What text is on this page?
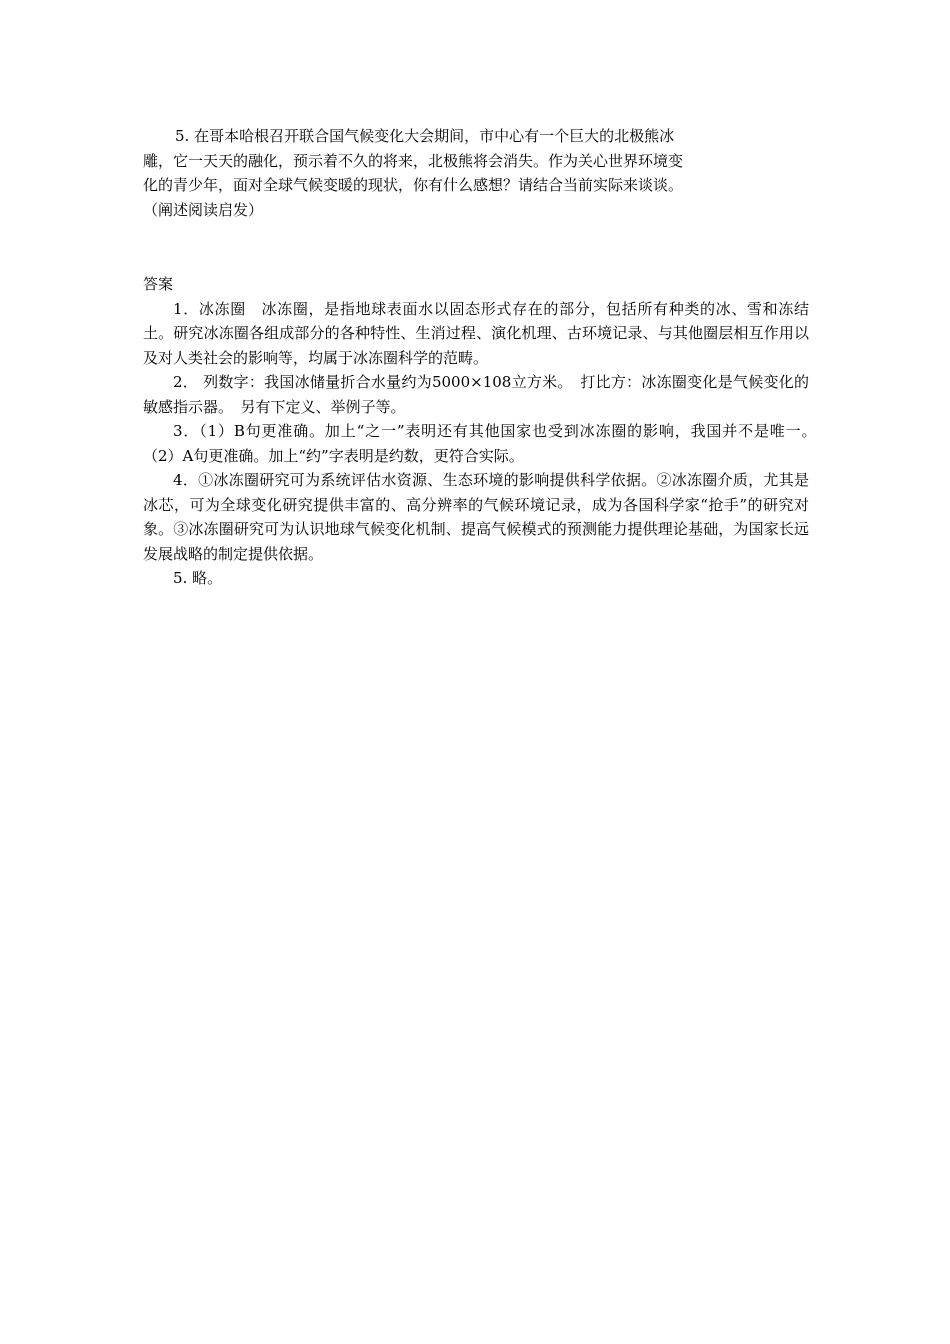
5. 在哥本哈根召开联合国气候变化大会期间，市中心有一个巨大的北极熊冰

雕，它一天天的融化，预示着不久的将来，北极熊将会消失。作为关心世界环境变

化的青少年，面对全球气候变暖的现状，你有什么感想？请结合当前实际来谈谈。

（阐述阅读启发）

答案

1．冰冻圈　冰冻圈，是指地球表面水以固态形式存在的部分，包括所有种类的冰、雪和冻结土。研究冰冻圈各组成部分的各种特性、生消过程、演化机理、古环境记录、与其他圈层相互作用以及对人类社会的影响等，均属于冰冻圈科学的范畴。

2． 列数字：我国冰储量折合水量约为5000×108立方米。　打比方：冰冻圈变化是气候变化的敏感指示器。　另有下定义、举例子等。

3．（1）B句更准确。加上“之一”表明还有其他国家也受到冰冻圈的影响，我国并不是唯一。　（2）A句更准确。加上“约”字表明是约数，更符合实际。

4．①冰冻圈研究可为系统评估水资源、生态环境的影响提供科学依据。②冰冻圈介质，尤其是冰芯，可为全球变化研究提供丰富的、高分辨率的气候环境记录，成为各国科学家“抢手”的研究对象。③冰冻圈研究可为认识地球气候变化机制、提高气候模式的预测能力提供理论基础，为国家长远发展战略的制定提供依据。

5. 略。
